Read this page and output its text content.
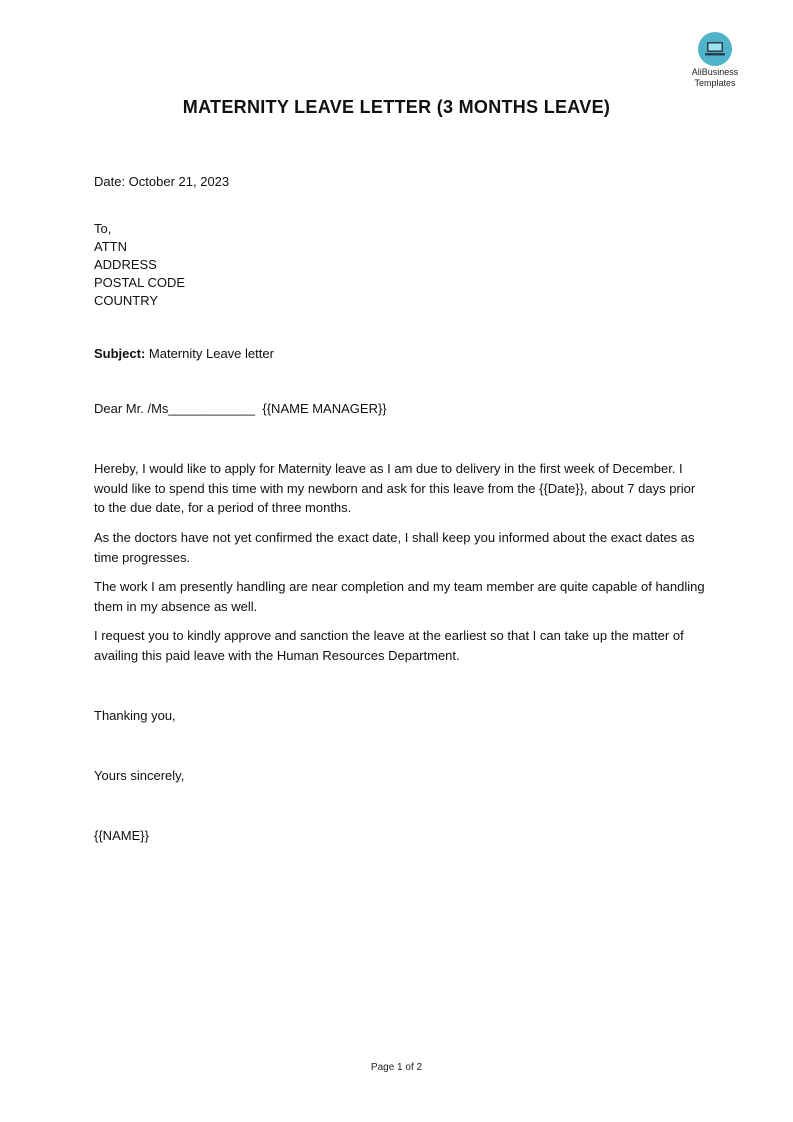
AliBusiness
Templates
MATERNITY LEAVE LETTER (3 MONTHS LEAVE)
Date: October 21, 2023
To,
ATTN
ADDRESS
POSTAL CODE
COUNTRY
Subject: Maternity Leave letter
Dear Mr. /Ms____________  {{NAME MANAGER}}
Hereby, I would like to apply for Maternity leave as I am due to delivery in the first week of December. I would like to spend this time with my newborn and ask for this leave from the {{Date}}, about 7 days prior to the due date, for a period of three months.
As the doctors have not yet confirmed the exact date, I shall keep you informed about the exact dates as time progresses.
The work I am presently handling are near completion and my team member are quite capable of handling them in my absence as well.
I request you to kindly approve and sanction the leave at the earliest so that I can take up the matter of availing this paid leave with the Human Resources Department.
Thanking you,
Yours sincerely,
{{NAME}}
Page 1 of 2
